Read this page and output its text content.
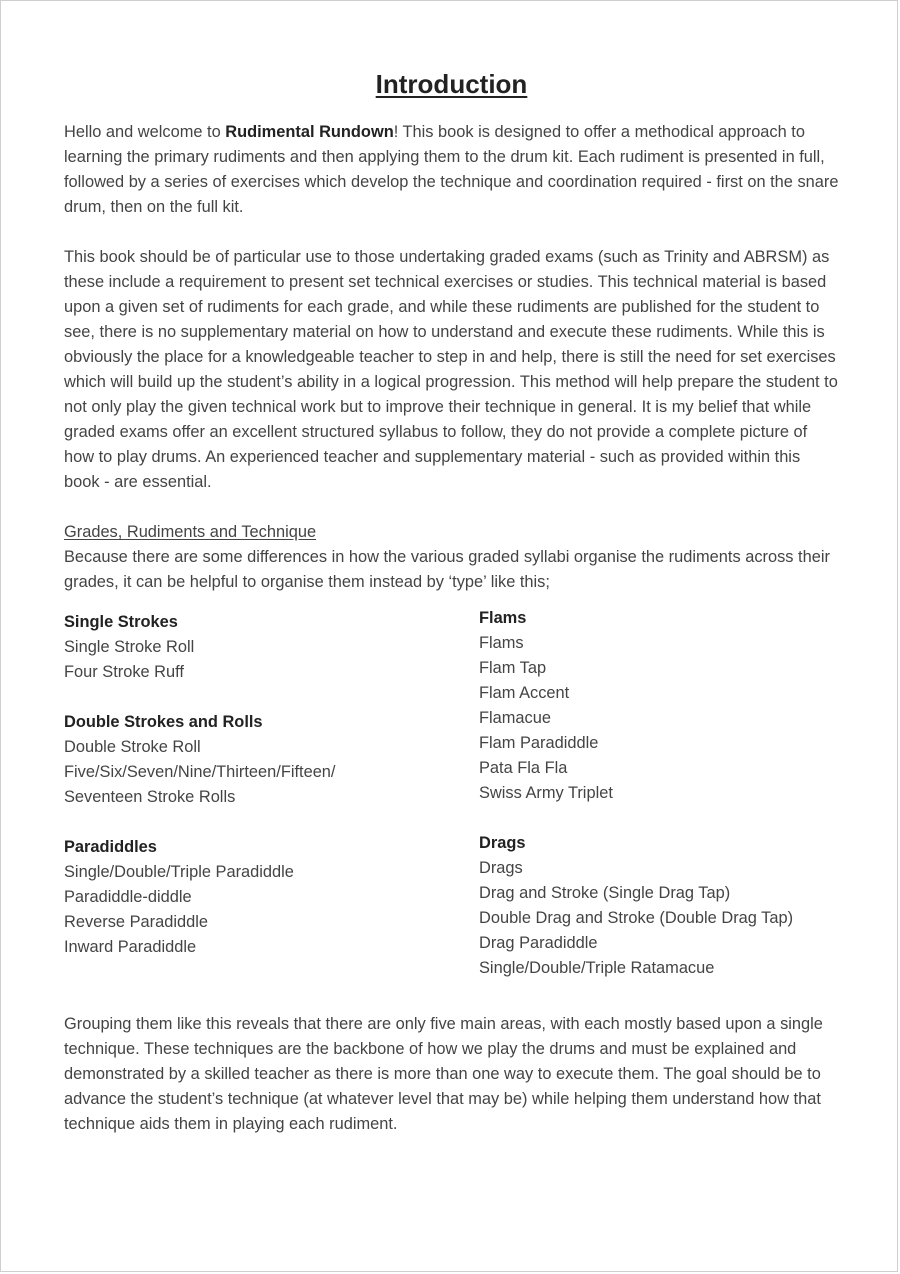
Introduction

Hello and welcome to Rudimental Rundown! This book is designed to offer a methodical approach to learning the primary rudiments and then applying them to the drum kit. Each rudiment is presented in full, followed by a series of exercises which develop the technique and coordination required - first on the snare drum, then on the full kit.

This book should be of particular use to those undertaking graded exams (such as Trinity and ABRSM) as these include a requirement to present set technical exercises or studies. This technical material is based upon a given set of rudiments for each grade, and while these rudiments are published for the student to see, there is no supplementary material on how to understand and execute these rudiments. While this is obviously the place for a knowledgeable teacher to step in and help, there is still the need for set exercises which will build up the student’s ability in a logical progression. This method will help prepare the student to not only play the given technical work but to improve their technique in general. It is my belief that while graded exams offer an excellent structured syllabus to follow, they do not provide a complete picture of how to play drums. An experienced teacher and supplementary material - such as provided within this book - are essential.

Grades, Rudiments and Technique

Because there are some differences in how the various graded syllabi organise the rudiments across their grades, it can be helpful to organise them instead by ‘type’ like this;

Single Strokes
Single Stroke Roll
Four Stroke Ruff
Double Strokes and Rolls
Double Stroke Roll
Five/Six/Seven/Nine/Thirteen/Fifteen/
Seventeen Stroke Rolls
Paradiddles
Single/Double/Triple Paradiddle
Paradiddle-diddle
Reverse Paradiddle
Inward Paradiddle
Flams
Flams
Flam Tap
Flam Accent
Flamacue
Flam Paradiddle
Pata Fla Fla
Swiss Army Triplet
Drags
Drags
Drag and Stroke (Single Drag Tap)
Double Drag and Stroke (Double Drag Tap)
Drag Paradiddle
Single/Double/Triple Ratamacue

Grouping them like this reveals that there are only five main areas, with each mostly based upon a single technique. These techniques are the backbone of how we play the drums and must be explained and demonstrated by a skilled teacher as there is more than one way to execute them. The goal should be to advance the student’s technique (at whatever level that may be) while helping them understand how that technique aids them in playing each rudiment.
